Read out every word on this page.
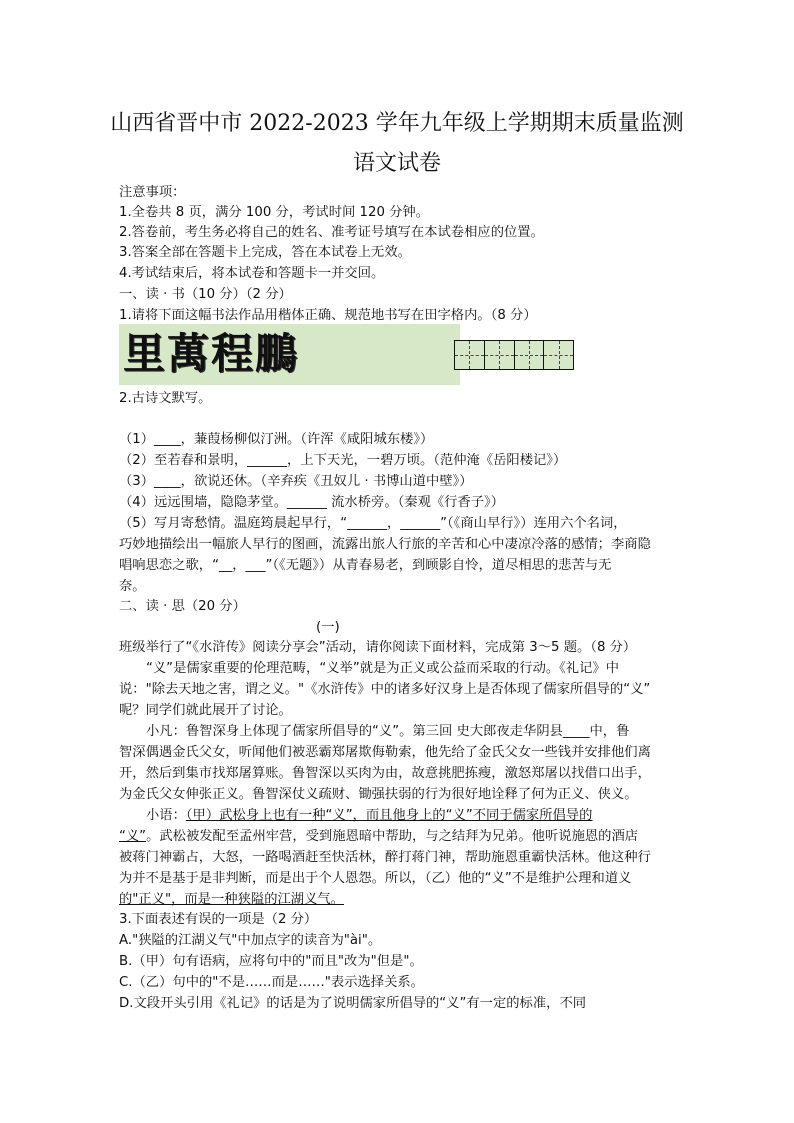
山西省晋中市 2022-2023 学年九年级上学期期末质量监测
语文试卷
注意事项：
1.全卷共 8 页，满分 100 分，考试时间 120 分钟。
2.答卷前，考生务必将自己的姓名、准考证号填写在本试卷相应的位置。
3.答案全部在答题卡上完成，答在本试卷上无效。
4.考试结束后，将本试卷和答题卡一并交回。
一、读 · 书（10 分）（2 分）
1.请将下面这幅书法作品用楷体正确、规范地书写在田字格内。（8 分）
里萬程鵬
2.古诗文默写。
（1）____，蒹葭杨柳似汀洲。（许浑《咸阳城东楼》）
（2）至若春和景明，______，上下天光，一碧万顷。（范仲淹《岳阳楼记》）
（3）____，欲说还休。（辛弃疾《丑奴儿 · 书博山道中壁》）
（4）远远围墙，隐隐茅堂。______ 流水桥旁。（秦观《行香子》）
（5）写月寄愁情。温庭筠晨起早行，“______，______”（《商山早行》）连用六个名词，
巧妙地描绘出一幅旅人早行的图画，流露出旅人行旅的辛苦和心中凄凉冷落的感情；李商隐
唱响思恋之歌，“__，___”（《无题》）从青春易老，到顾影自怜，道尽相思的悲苦与无
奈。
二、读 · 思（20 分）
(一)
班级举行了“《水浒传》阅读分享会”活动，请你阅读下面材料，完成第 3～5 题。（8 分）
“义”是儒家重要的伦理范畴，“义举”就是为正义或公益而采取的行动。《礼记》中
说："除去天地之害，谓之义。"《水浒传》中的诸多好汉身上是否体现了儒家所倡导的“义”
呢？同学们就此展开了讨论。
小凡：鲁智深身上体现了儒家所倡导的“义”。第三回 史大郎夜走华阴县____中，鲁
智深偶遇金氏父女，听闻他们被恶霸郑屠欺侮勒索，他先给了金氏父女一些钱并安排他们离
开，然后到集市找郑屠算账。鲁智深以买肉为由，故意挑肥拣瘦，激怒郑屠以找借口出手，
为金氏父女伸张正义。鲁智深仗义疏财、锄强扶弱的行为很好地诠释了何为正义、侠义。
小语：（甲）武松身上也有一种“义”，而且他身上的“义”不同于儒家所倡导的
“义”。武松被发配至孟州牢营，受到施恩暗中帮助，与之结拜为兄弟。他听说施恩的酒店
被蒋门神霸占，大怒，一路喝酒赶至快活林，醉打蒋门神，帮助施恩重霸快活林。他这种行
为并不是基于是非判断，而是出于个人恩怨。所以，（乙）他的“义”不是维护公理和道义
的"正义"，而是一种狭隘的江湖义气。
3.下面表述有误的一项是（2 分）
A."狭隘的江湖义气"中加点字的读音为"ài"。
B.（甲）句有语病，应将句中的"而且"改为"但是"。
C.（乙）句中的"不是……而是……"表示选择关系。
D.文段开头引用《礼记》的话是为了说明儒家所倡导的“义”有一定的标准，不同
